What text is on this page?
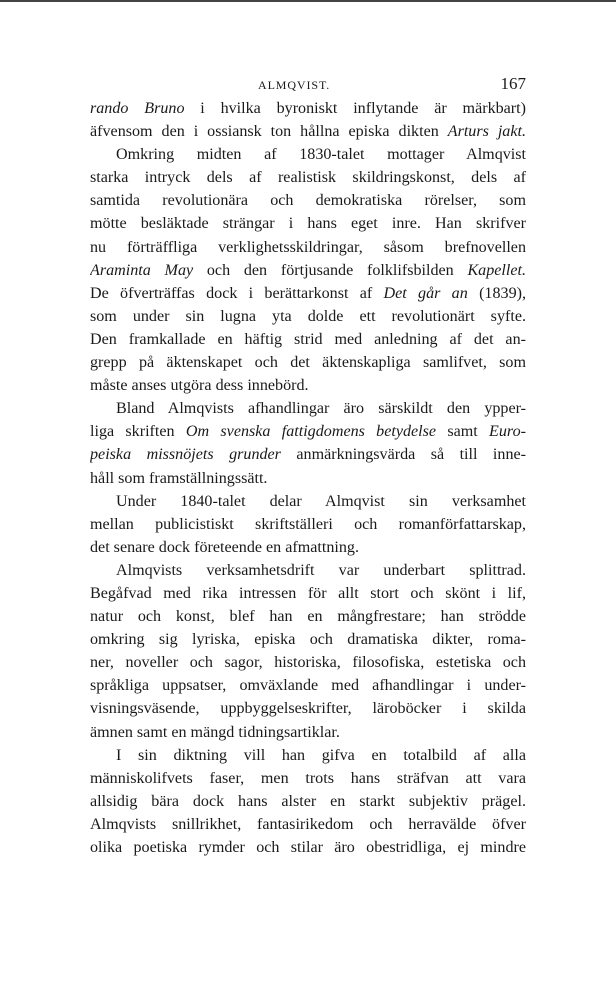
ALMQVIST.	167
rando Bruno i hvilka byroniskt inflytande är märkbart)
äfvensom den i ossiansk ton hållna episka dikten Arturs jakt.
Omkring midten af 1830-talet mottager Almqvist
starka intryck dels af realistisk skildringskonst, dels af
samtida revolutionära och demokratiska rörelser, som
mötte besläktade strängar i hans eget inre. Han skrifver
nu förträffliga verklighetsskildringar, såsom brefnovellen
Araminta May och den förtjusande folklifsbilden Kapellet.
De öfverträffas dock i berättarkonst af Det går an (1839),
som under sin lugna yta dolde ett revolutionärt syfte.
Den framkallade en häftig strid med anledning af det an-
grepp på äktenskapet och det äktenskapliga samlifvet, som
måste anses utgöra dess innebörd.
Bland Almqvists afhandlingar äro särskildt den ypper-
liga skriften Om svenska fattigdomens betydelse samt Euro-
peiska missnöjets grunder anmärkningsvärda så till inne-
håll som framställningssätt.
Under 1840-talet delar Almqvist sin verksamhet
mellan publicistiskt skriftställeri och romanförfattarskap,
det senare dock företeende en afmattning.
Almqvists verksamhetsdrift var underbart splittrad.
Begåfvad med rika intressen för allt stort och skönt i lif,
natur och konst, blef han en mångfrestare; han strödde
omkring sig lyriska, episka och dramatiska dikter, roma-
ner, noveller och sagor, historiska, filosofiska, estetiska och
språkliga uppsatser, omväxlande med afhandlingar i under-
visningsväsende, uppbyggelseskrifter, läroböcker i skilda
ämnen samt en mängd tidningsartiklar.
I sin diktning vill han gifva en totalbild af alla
människolifvets faser, men trots hans sträfvan att vara
allsidig bära dock hans alster en starkt subjektiv prägel.
Almqvists snillrikhet, fantasirikedom och herravälde öfver
olika poetiska rymder och stilar äro obestridliga, ej mindre
